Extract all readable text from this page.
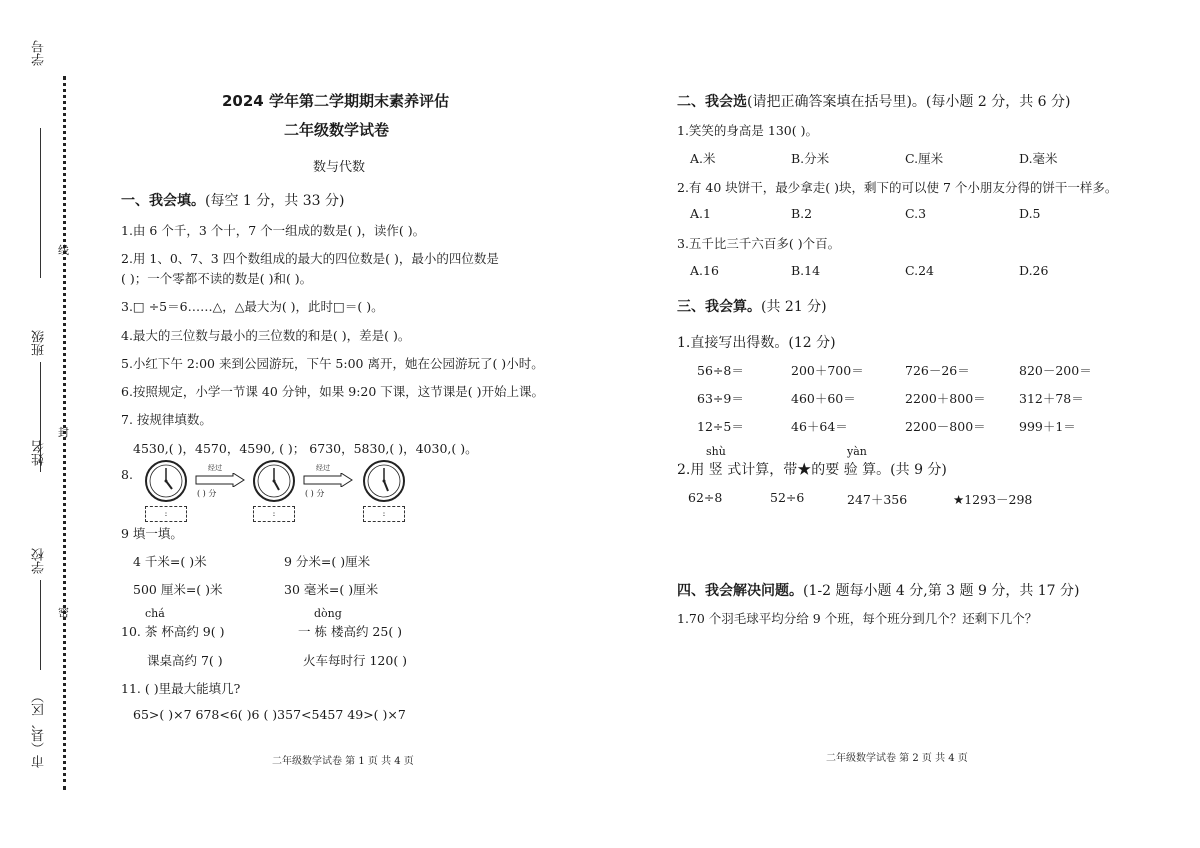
学号
班级
姓名
学校
市（县、区）
线
封
密
2024 学年第二学期期末素养评估
二年级数学试卷
数与代数
一、我会填。(每空 1 分，共 33 分)
1.由 6 个千，3 个十，7 个一组成的数是( )，读作( )。
2.用 1、0、7、3 四个数组成的最大的四位数是( )，最小的四位数是
( )；一个零都不读的数是( )和( )。
3.□ ÷5＝6……△，△最大为( )，此时□＝( )。
4.最大的三位数与最小的三位数的和是( )，差是( )。
5.小红下午 2:00 来到公园游玩，下午 5:00 离开，她在公园游玩了( )小时。
6.按照规定，小学一节课 40 分钟，如果 9:20 下课，这节课是( )开始上课。
7. 按规律填数。
4530,( )，4570，4590, ( )； 6730，5830,( )，4030,( )。
8.
:
经过
( ) 分
:
经过
( ) 分
:
9 填一填。
4 千米=( )米	9 分米=( )厘米
500 厘米=( )米	30 毫米=( )厘米
chá	dòng
10. 茶 杯高约 9( )	一 栋 楼高约 25( )
课桌高约 7( )	火车每时行 120( )
11. ( )里最大能填几?
65>( )×7 678<6( )6 ( )357<5457 49>( )×7
二年级数学试卷 第 1 页 共 4 页
二、我会选(请把正确答案填在括号里)。(每小题 2 分，共 6 分)
1.笑笑的身高是 130( )。
A.米	B.分米	C.厘米	D.毫米
2.有 40 块饼干，最少拿走( )块，剩下的可以使 7 个小朋友分得的饼干一样多。
A.1	B.2	C.3	D.5
3.五千比三千六百多( )个百。
A.16	B.14	C.24	D.26
三、我会算。(共 21 分)
1.直接写出得数。(12 分)
56÷8＝	200＋700＝	726－26＝	820－200＝
63÷9＝	460＋60＝	2200＋800＝	312＋78＝
12÷5＝	46＋64＝	2200－800＝	999＋1＝
shù	yàn
2.用 竖 式计算，带★的要 验 算。(共 9 分)
62÷8	52÷6	247＋356	★1293－298
四、我会解决问题。(1-2 题每小题 4 分,第 3 题 9 分，共 17 分)
1.70 个羽毛球平均分给 9 个班，每个班分到几个？还剩下几个？
二年级数学试卷 第 2 页 共 4 页
